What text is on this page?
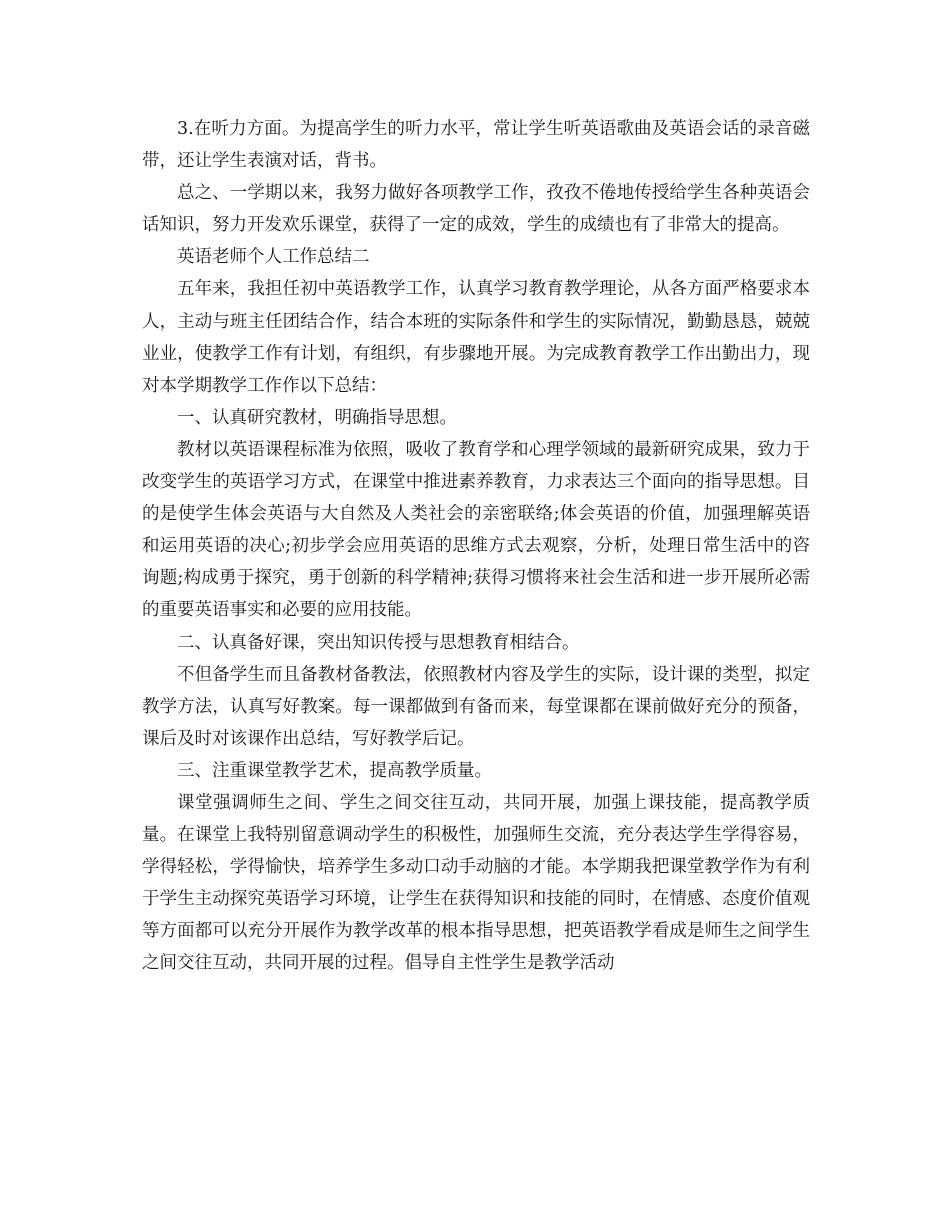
3.在听力方面。为提高学生的听力水平，常让学生听英语歌曲及英语会话的录音磁带，还让学生表演对话，背书。

总之、一学期以来，我努力做好各项教学工作，孜孜不倦地传授给学生各种英语会话知识，努力开发欢乐课堂，获得了一定的成效，学生的成绩也有了非常大的提高。

英语老师个人工作总结二

五年来，我担任初中英语教学工作，认真学习教育教学理论，从各方面严格要求本人，主动与班主任团结合作，结合本班的实际条件和学生的实际情况，勤勤恳恳，兢兢业业，使教学工作有计划，有组织，有步骤地开展。为完成教育教学工作出勤出力，现对本学期教学工作作以下总结：

一、认真研究教材，明确指导思想。

教材以英语课程标准为依照，吸收了教育学和心理学领域的最新研究成果，致力于改变学生的英语学习方式，在课堂中推进素养教育，力求表达三个面向的指导思想。目的是使学生体会英语与大自然及人类社会的亲密联络;体会英语的价值，加强理解英语和运用英语的决心;初步学会应用英语的思维方式去观察，分析，处理日常生活中的咨询题;构成勇于探究，勇于创新的科学精神;获得习惯将来社会生活和进一步开展所必需的重要英语事实和必要的应用技能。

二、认真备好课，突出知识传授与思想教育相结合。

不但备学生而且备教材备教法，依照教材内容及学生的实际，设计课的类型，拟定教学方法，认真写好教案。每一课都做到有备而来，每堂课都在课前做好充分的预备，课后及时对该课作出总结，写好教学后记。

三、注重课堂教学艺术，提高教学质量。

课堂强调师生之间、学生之间交往互动，共同开展，加强上课技能，提高教学质量。在课堂上我特别留意调动学生的积极性，加强师生交流，充分表达学生学得容易，学得轻松，学得愉快，培养学生多动口动手动脑的才能。本学期我把课堂教学作为有利于学生主动探究英语学习环境，让学生在获得知识和技能的同时，在情感、态度价值观等方面都可以充分开展作为教学改革的根本指导思想，把英语教学看成是师生之间学生之间交往互动，共同开展的过程。倡导自主性学生是教学活动
